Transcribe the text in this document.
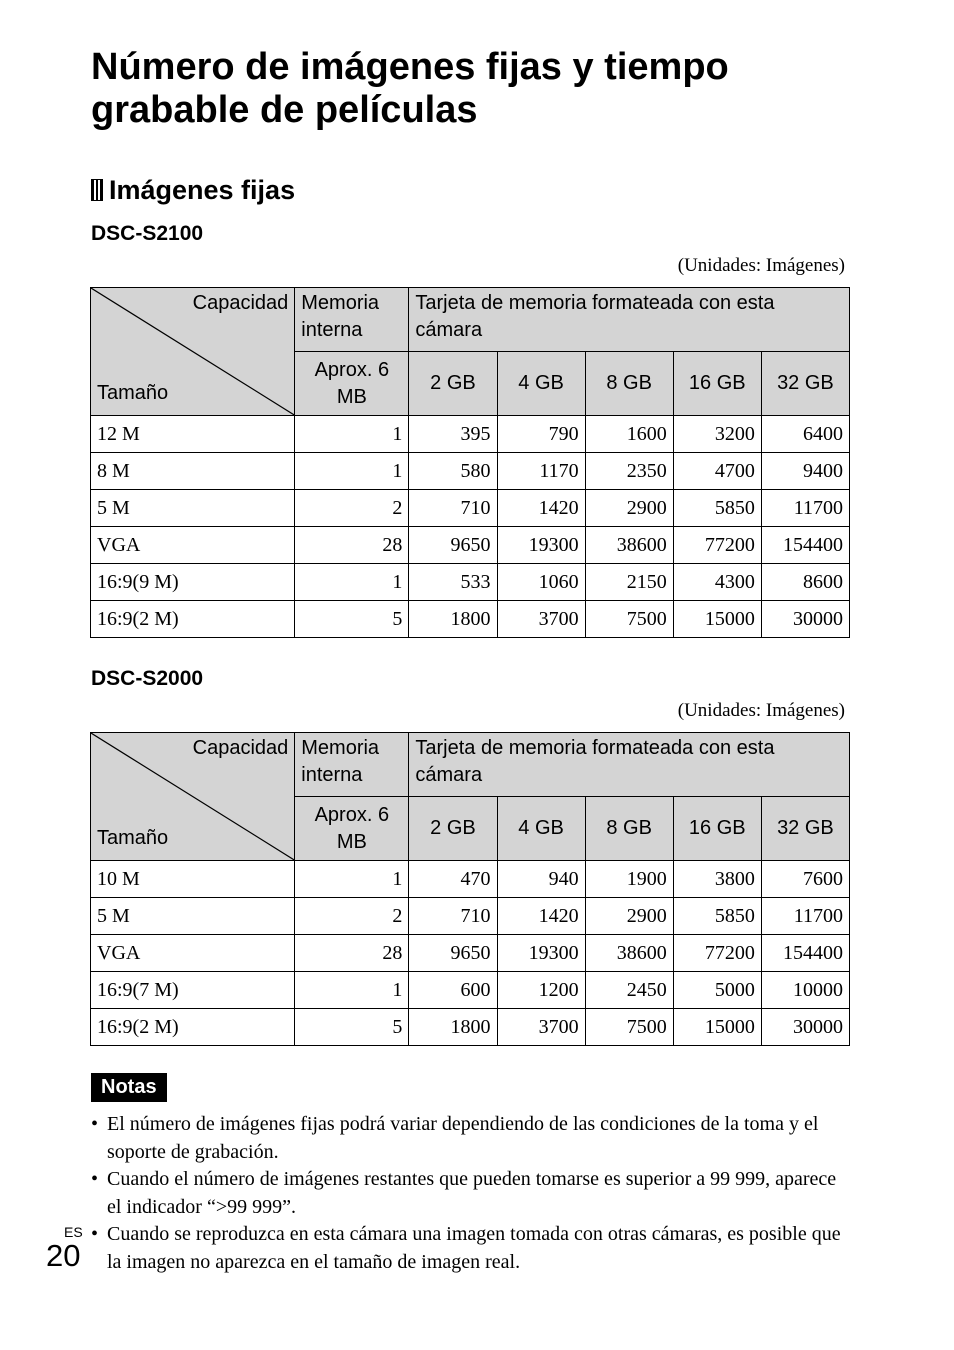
Número de imágenes fijas y tiempo grabable de películas
Imágenes fijas
DSC-S2100
(Unidades: Imágenes)
Capacidad
Tamaño	Memoria interna	Tarjeta de memoria formateada con esta cámara				
	Aprox. 6 MB	2 GB	4 GB	8 GB	16 GB	32 GB
12 M	1	395	790	1600	3200	6400
8 M	1	580	1170	2350	4700	9400
5 M	2	710	1420	2900	5850	11700
VGA	28	9650	19300	38600	77200	154400
16:9(9 M)	1	533	1060	2150	4300	8600
16:9(2 M)	5	1800	3700	7500	15000	30000
DSC-S2000
(Unidades: Imágenes)
Capacidad
Tamaño	Memoria interna	Tarjeta de memoria formateada con esta cámara				
	Aprox. 6 MB	2 GB	4 GB	8 GB	16 GB	32 GB
10 M	1	470	940	1900	3800	7600
5 M	2	710	1420	2900	5850	11700
VGA	28	9650	19300	38600	77200	154400
16:9(7 M)	1	600	1200	2450	5000	10000
16:9(2 M)	5	1800	3700	7500	15000	30000
Notas
• El número de imágenes fijas podrá variar dependiendo de las condiciones de la toma y el soporte de grabación.
• Cuando el número de imágenes restantes que pueden tomarse es superior a 99 999, aparece el indicador “>99 999”.
• Cuando se reproduzca en esta cámara una imagen tomada con otras cámaras, es posible que la imagen no aparezca en el tamaño de imagen real.
ES
20
